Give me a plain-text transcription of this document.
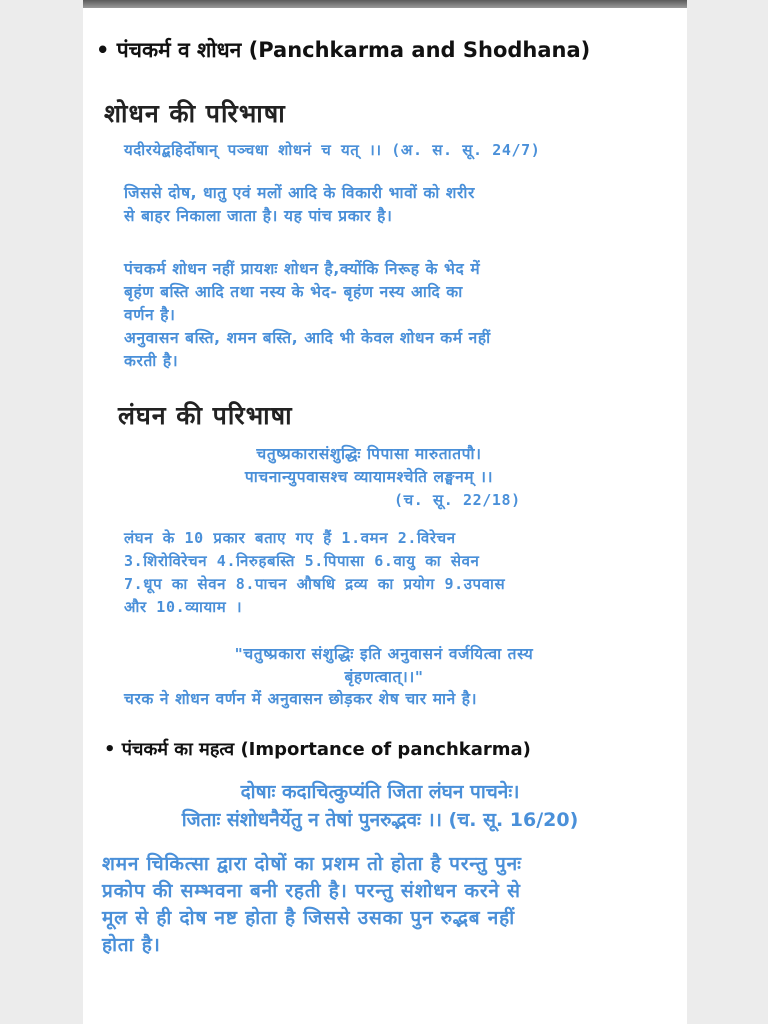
• पंचकर्म व शोधन (Panchkarma and Shodhana)
शोधन की परिभाषा
यदीरयेद्बहिर्दोषान् पञ्चधा शोधनं च यत् ।। (अ. स. सू. 24/7)
जिससे दोष, धातु एवं मलों आदि के विकारी भावों को शरीर
से बाहर निकाला जाता है। यह पांच प्रकार है।
पंचकर्म शोधन नहीं प्रायशः शोधन है,क्योंकि निरूह के भेद में
बृहंण बस्ति आदि तथा नस्य के भेद- बृहंण नस्य आदि का
वर्णन है।
अनुवासन बस्ति, शमन बस्ति, आदि भी केवल शोधन कर्म नहीं
करती है।
लंघन की परिभाषा
चतुष्प्रकारासंशुद्धिः पिपासा मारुतातपौ।
पाचनान्युपवासश्च व्यायामश्चेति लङ्घनम् ।।
(च. सू. 22/18)
लंघन के 10 प्रकार बताए गए हैं 1.वमन 2.विरेचन
3.शिरोविरेचन 4.निरुहबस्ति 5.पिपासा 6.वायु का सेवन
7.धूप का सेवन 8.पाचन औषधि द्रव्य का प्रयोग 9.उपवास
और 10.व्यायाम ।
"चतुष्प्रकारा संशुद्धिः इति अनुवासनं वर्जयित्वा तस्य
बृंहणत्वात्।।"
चरक ने शोधन वर्णन में अनुवासन छोड़कर शेष चार माने है।
• पंचकर्म का महत्व (Importance of panchkarma)
दोषाः कदाचित्कुप्यंति जिता लंघन पाचनेः।
जिताः संशोधनैर्येतु न तेषां पुनरुद्भवः ।। (च. सू. 16/20)
शमन चिकित्सा द्वारा दोषों का प्रशम तो होता है परन्तु पुनः
प्रकोप की सम्भवना बनी रहती है। परन्तु संशोधन करने से
मूल से ही दोष नष्ट होता है जिससे उसका पुन रुद्भब नहीं
होता है।
